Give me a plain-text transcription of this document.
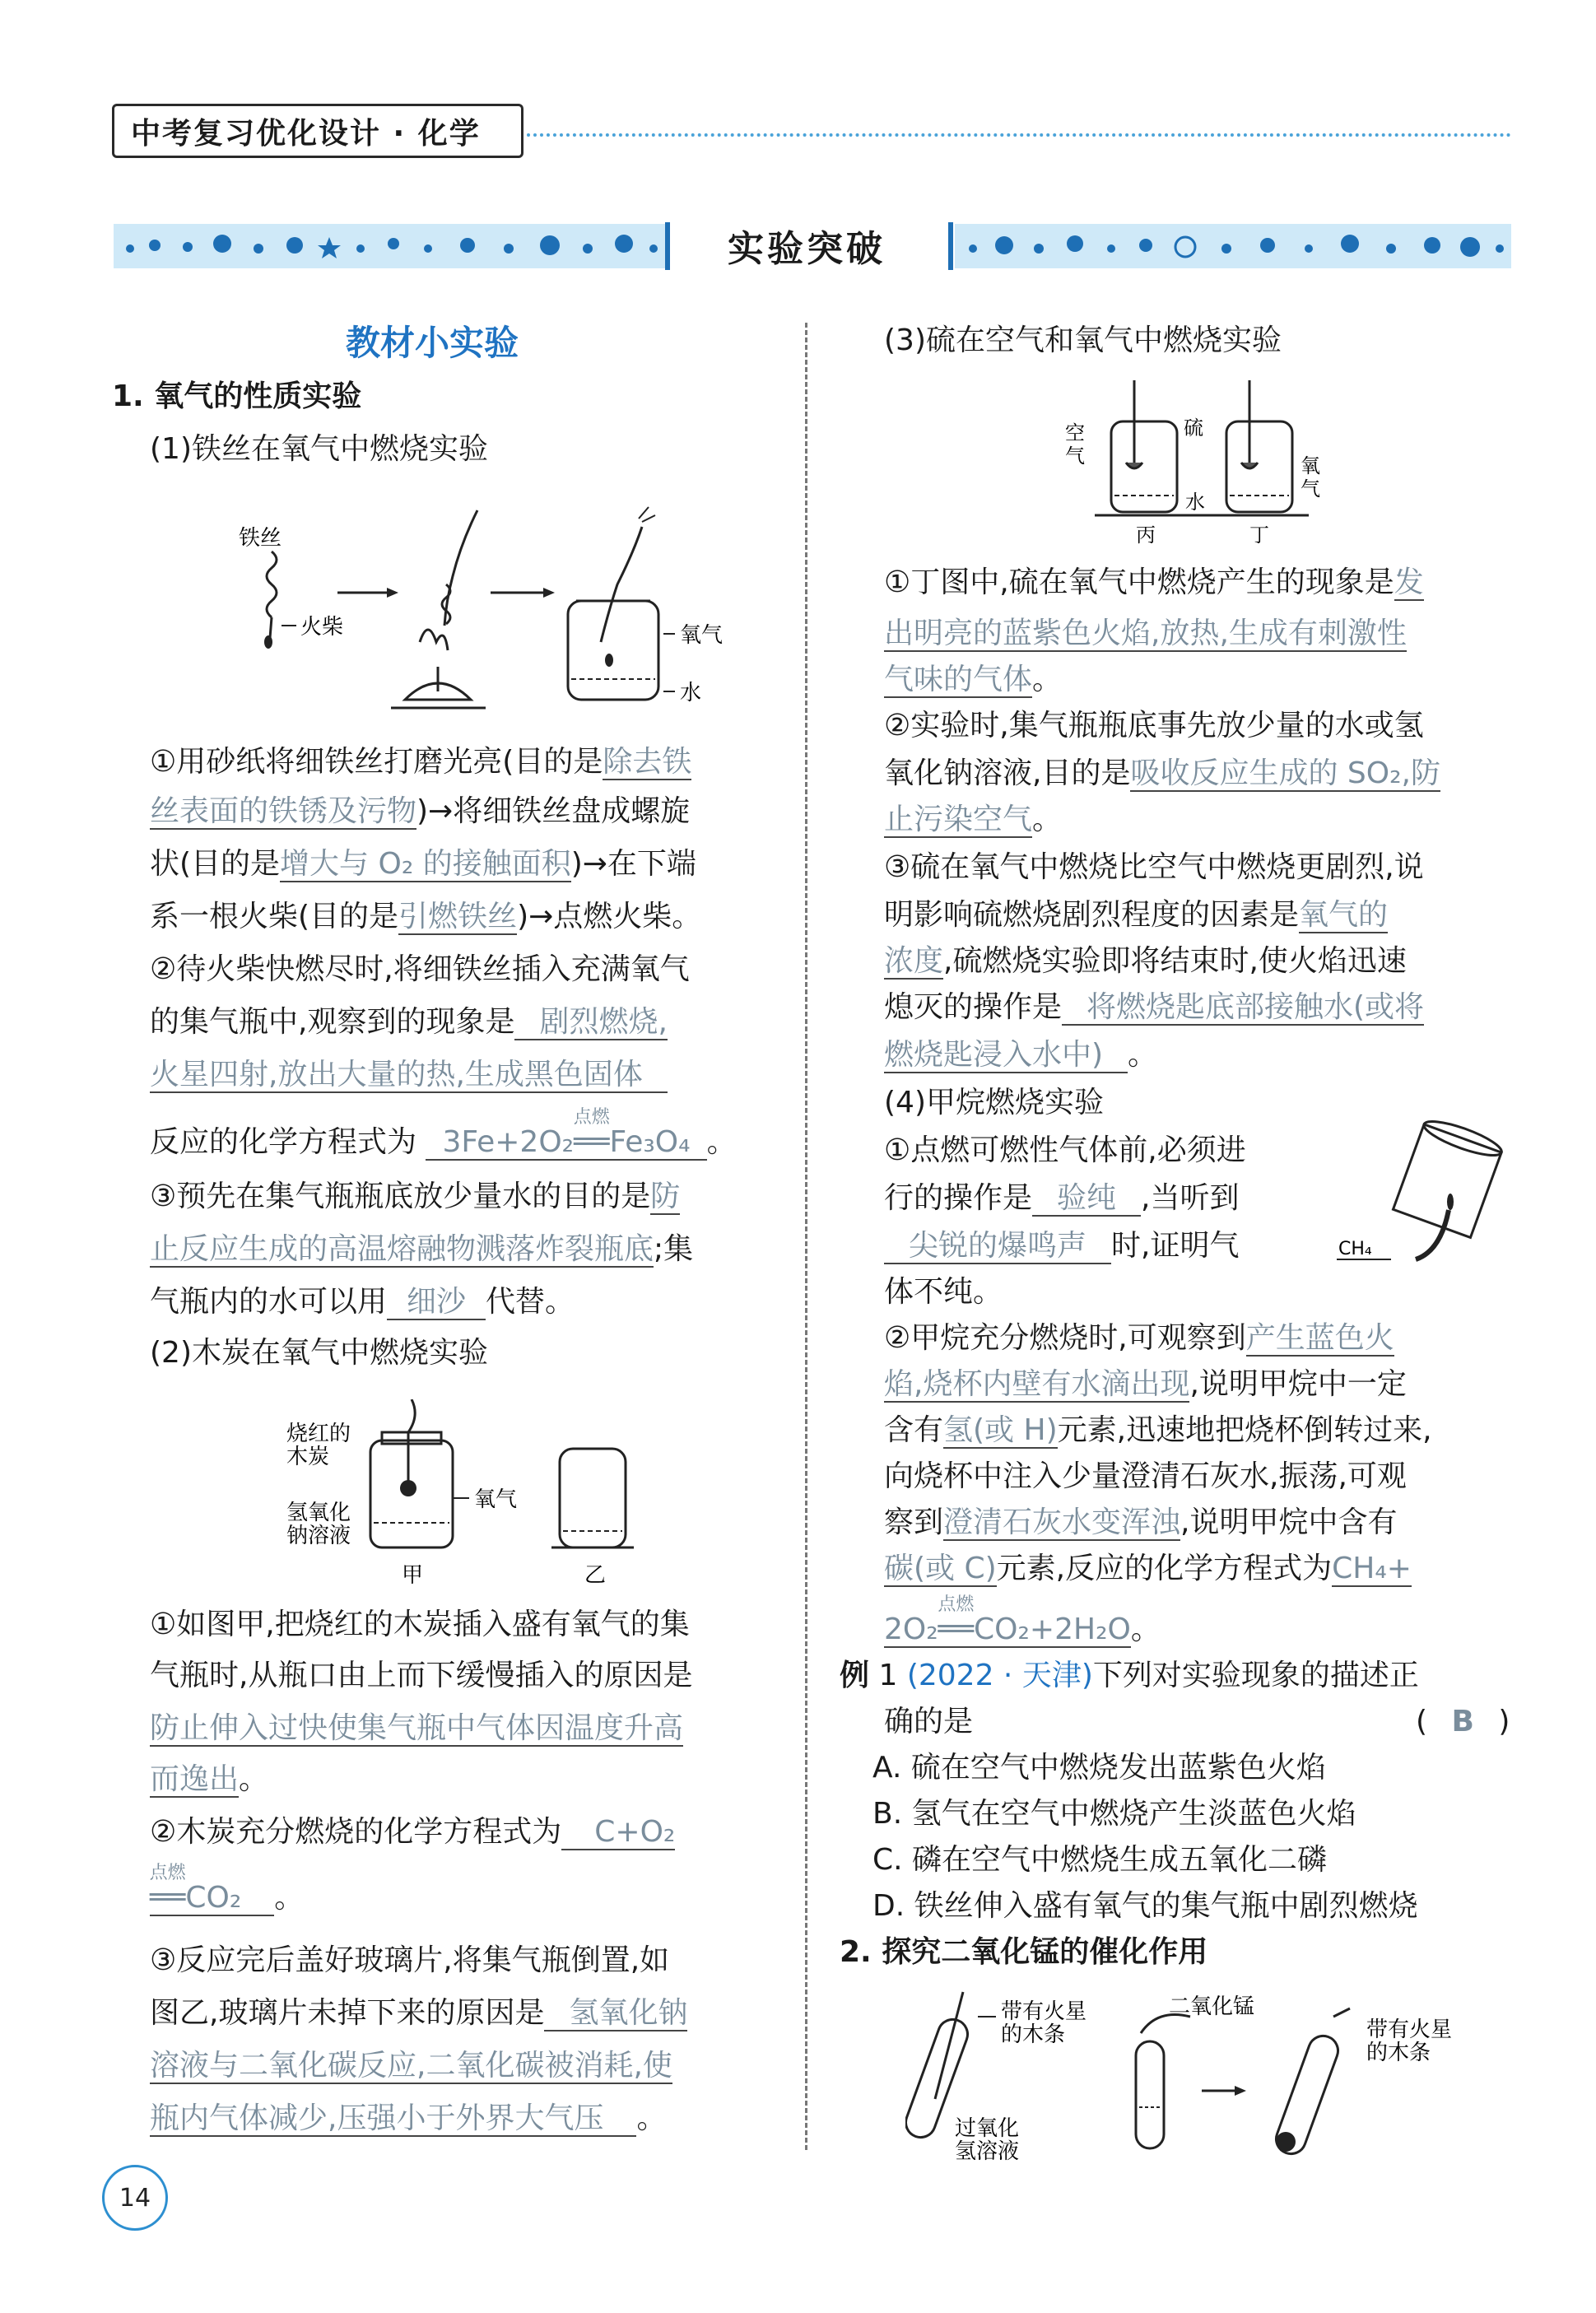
中考复习优化设计 · 化学
实验突破
教材小实验
1. 氧气的性质实验
(1)铁丝在氧气中燃烧实验
铁丝
火柴	氧气
水
①用砂纸将细铁丝打磨光亮(目的是除去铁
丝表面的铁锈及污物)→将细铁丝盘成螺旋
状(目的是增大与 O₂ 的接触面积)→在下端
系一根火柴(目的是引燃铁丝)→点燃火柴。
②待火柴快燃尽时,将细铁丝插入充满氧气
的集气瓶中,观察到的现象是 剧烈燃烧,
火星四射,放出大量的热,生成黑色固体
反应的化学方程式为 3Fe+2O₂
点燃
══Fe₃O₄ 。
③预先在集气瓶瓶底放少量水的目的是防
止反应生成的高温熔融物溅落炸裂瓶底;集
气瓶内的水可以用 细沙 代替。
(2)木炭在氧气中燃烧实验
烧红的木炭
氧气
氢氧化钠溶液
甲	乙
①如图甲,把烧红的木炭插入盛有氧气的集
气瓶时,从瓶口由上而下缓慢插入的原因是
防止伸入过快使集气瓶中气体因温度升高
而逸出。
②木炭充分燃烧的化学方程式为 C+O₂
点燃
══CO₂ 。
③反应完后盖好玻璃片,将集气瓶倒置,如
图乙,玻璃片未掉下来的原因是 氢氧化钠
溶液与二氧化碳反应,二氧化碳被消耗,使
瓶内气体减少,压强小于外界大气压 。
(3)硫在空气和氧气中燃烧实验
空气
硫
水
氧气
丙	丁
①丁图中,硫在氧气中燃烧产生的现象是发
出明亮的蓝紫色火焰,放热,生成有刺激性
气味的气体。
②实验时,集气瓶瓶底事先放少量的水或氢
氧化钠溶液,目的是吸收反应生成的 SO₂,防
止污染空气。
③硫在氧气中燃烧比空气中燃烧更剧烈,说
明影响硫燃烧剧烈程度的因素是氧气的
浓度,硫燃烧实验即将结束时,使火焰迅速
熄灭的操作是 将燃烧匙底部接触水(或将
燃烧匙浸入水中) 。
(4)甲烷燃烧实验
CH₄
①点燃可燃性气体前,必须进
行的操作是 验纯 ,当听到
尖锐的爆鸣声 时,证明气
体不纯。
②甲烷充分燃烧时,可观察到产生蓝色火
焰,烧杯内壁有水滴出现,说明甲烷中一定
含有氢(或 H)元素,迅速地把烧杯倒转过来,
向烧杯中注入少量澄清石灰水,振荡,可观
察到澄清石灰水变浑浊,说明甲烷中含有
碳(或 C)元素,反应的化学方程式为CH₄+
2O₂
点燃
══CO₂+2H₂O。
例 1 (2022 · 天津)下列对实验现象的描述正
确的是	( B )
A. 硫在空气中燃烧发出蓝紫色火焰
B. 氢气在空气中燃烧产生淡蓝色火焰
C. 磷在空气中燃烧生成五氧化二磷
D. 铁丝伸入盛有氧气的集气瓶中剧烈燃烧
2. 探究二氧化锰的催化作用
带有火星的木条
过氧化氢溶液
二氧化锰
带有火星的木条
14
